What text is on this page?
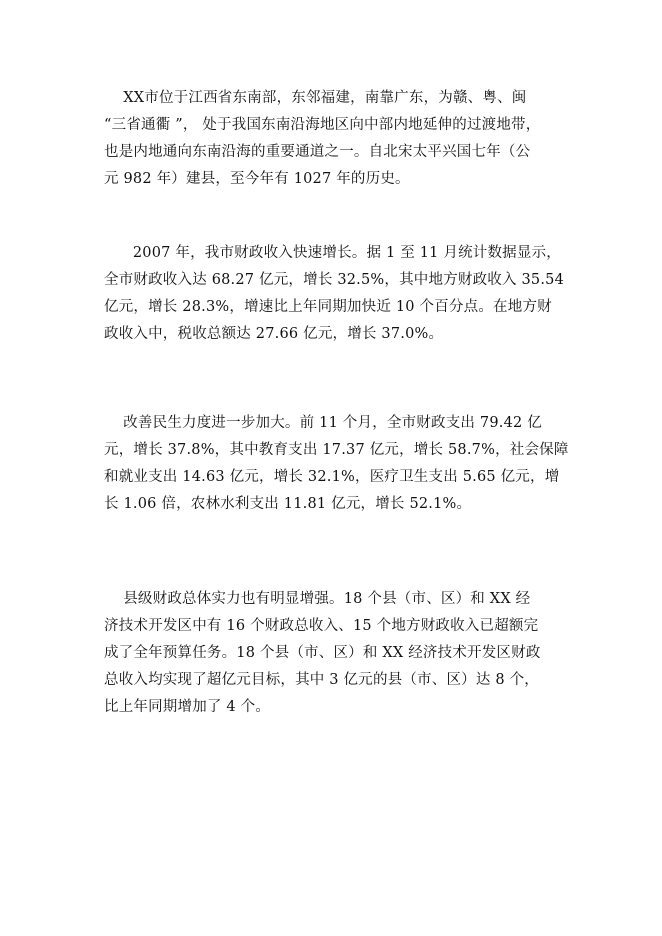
XX市位于江西省东南部，东邻福建，南靠广东，为赣、粤、闽
“三省通衢 ”， 处于我国东南沿海地区向中部内地延伸的过渡地带，
也是内地通向东南沿海的重要通道之一。自北宋太平兴国七年（公
元 982 年）建县，至今年有 1027 年的历史。
2007 年，我市财政收入快速增长。据 1 至 11 月统计数据显示，
全市财政收入达 68.27 亿元，增长 32.5%，其中地方财政收入 35.54
亿元，增长 28.3%，增速比上年同期加快近 10 个百分点。在地方财
政收入中，税收总额达 27.66 亿元，增长 37.0%。
改善民生力度进一步加大。前 11 个月，全市财政支出 79.42 亿
元，增长 37.8%，其中教育支出 17.37 亿元，增长 58.7%，社会保障
和就业支出 14.63 亿元，增长 32.1%，医疗卫生支出 5.65 亿元，增
长 1.06 倍，农林水利支出 11.81 亿元，增长 52.1%。
县级财政总体实力也有明显增强。18 个县（市、区）和 XX 经
济技术开发区中有 16 个财政总收入、15 个地方财政收入已超额完
成了全年预算任务。18 个县（市、区）和 XX 经济技术开发区财政
总收入均实现了超亿元目标，其中 3 亿元的县（市、区）达 8 个，
比上年同期增加了 4 个。
